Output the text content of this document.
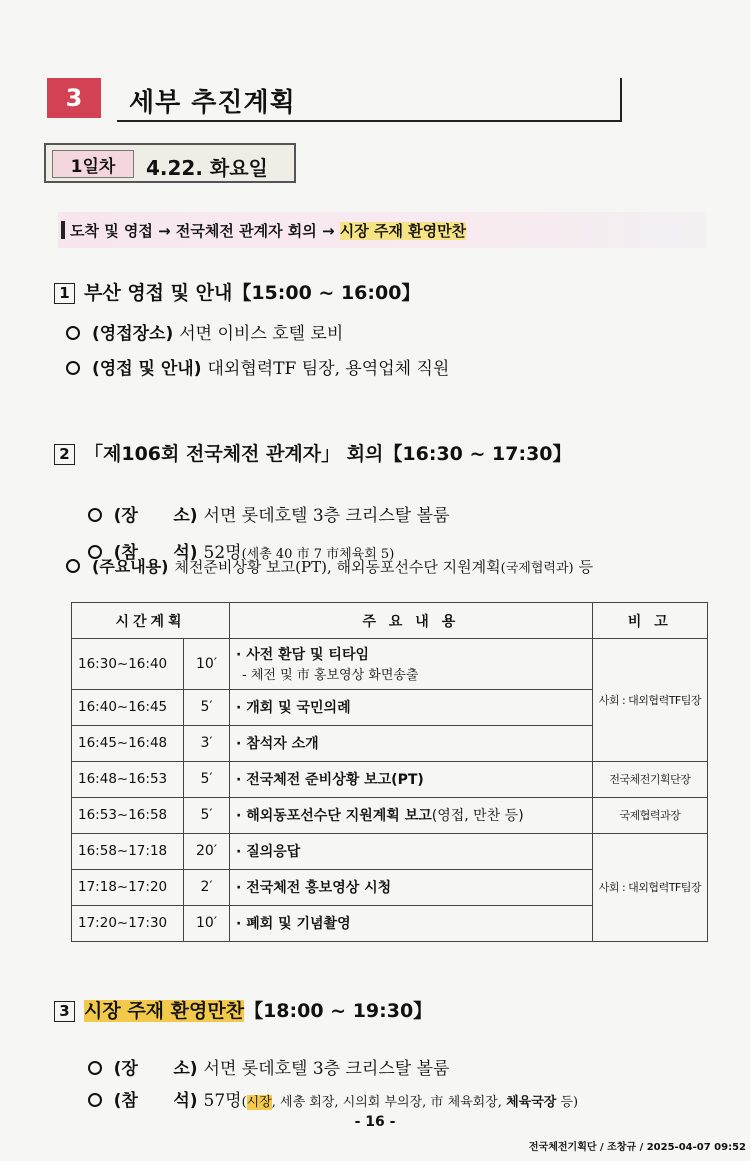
3	세부 추진계획
1일차	4.22. 화요일
도착 및 영접 → 전국체전 관계자 회의 → 시장 주재 환영만찬
1 부산 영접 및 안내【15:00 ~ 16:00】
(영접장소) 서면 이비스 호텔 로비
(영접 및 안내) 대외협력TF 팀장, 용역업체 직원
2 「제106회 전국체전 관계자」 회의【16:30 ~ 17:30】

(장      소) 서면 롯데호텔 3층 크리스탈 볼룸

(참      석) 52명(세총 40 市 7 市체육회 5)

(주요내용) 체전준비상황 보고(PT), 해외동포선수단 지원계획(국제협력과) 등
시간계획		주 요 내 용	비 고
16:30~16:40	10′	· 사전 환담 및 티타임
- 체전 및 市 홍보영상 화면송출	사회 : 대외협력TF팀장
16:40~16:45	5′	· 개회 및 국민의례	
16:45~16:48	3′	· 참석자 소개	
16:48~16:53	5′	· 전국체전 준비상황 보고(PT)	전국체전기획단장
16:53~16:58	5′	· 해외동포선수단 지원계획 보고(영접, 만찬 등)	국제협력과장
16:58~17:18	20′	· 질의응답	사회 : 대외협력TF팀장
17:18~17:20	2′	· 전국체전 홍보영상 시청	
17:20~17:30	10′	· 폐회 및 기념촬영	
3 시장 주재 환영만찬【18:00 ~ 19:30】

(장      소) 서면 롯데호텔 3층 크리스탈 볼룸

(참      석) 57명(시장, 세총 회장, 시의회 부의장, 市 체육회장, 체육국장 등)

- 16 -
전국체전기획단 / 조창규 / 2025-04-07 09:52
